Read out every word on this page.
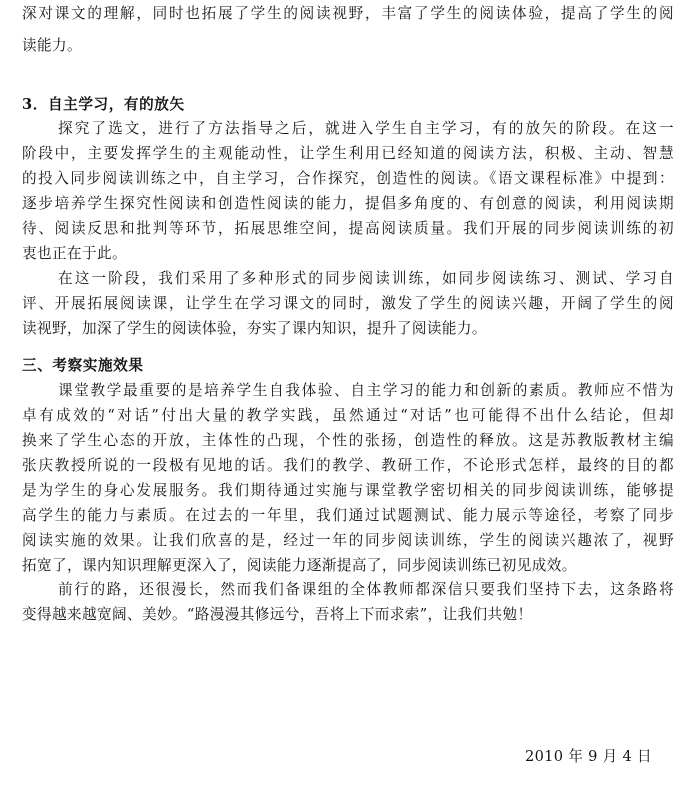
深对课文的理解，同时也拓展了学生的阅读视野，丰富了学生的阅读体验，提高了学生的阅
读能力。
3．自主学习，有的放矢
探究了选文，进行了方法指导之后，就进入学生自主学习，有的放矢的阶段。在这一
阶段中，主要发挥学生的主观能动性，让学生利用已经知道的阅读方法，积极、主动、智慧
的投入同步阅读训练之中，自主学习，合作探究，创造性的阅读。《语文课程标准》中提到：
逐步培养学生探究性阅读和创造性阅读的能力，提倡多角度的、有创意的阅读，利用阅读期
待、阅读反思和批判等环节，拓展思维空间，提高阅读质量。我们开展的同步阅读训练的初
衷也正在于此。
在这一阶段，我们采用了多种形式的同步阅读训练，如同步阅读练习、测试、学习自
评、开展拓展阅读课，让学生在学习课文的同时，激发了学生的阅读兴趣，开阔了学生的阅
读视野，加深了学生的阅读体验，夯实了课内知识，提升了阅读能力。
三、考察实施效果
课堂教学最重要的是培养学生自我体验、自主学习的能力和创新的素质。教师应不惜为
卓有成效的“对话”付出大量的教学实践，虽然通过“对话”也可能得不出什么结论，但却
换来了学生心态的开放，主体性的凸现，个性的张扬，创造性的释放。这是苏教版教材主编
张庆教授所说的一段极有见地的话。我们的教学、教研工作，不论形式怎样，最终的目的都
是为学生的身心发展服务。我们期待通过实施与课堂教学密切相关的同步阅读训练，能够提
高学生的能力与素质。在过去的一年里，我们通过试题测试、能力展示等途径，考察了同步
阅读实施的效果。让我们欣喜的是，经过一年的同步阅读训练，学生的阅读兴趣浓了，视野
拓宽了，课内知识理解更深入了，阅读能力逐渐提高了，同步阅读训练已初见成效。
前行的路，还很漫长，然而我们备课组的全体教师都深信只要我们坚持下去，这条路将
变得越来越宽阔、美妙。“路漫漫其修远兮，吾将上下而求索”，让我们共勉！
2010 年 9 月 4 日
